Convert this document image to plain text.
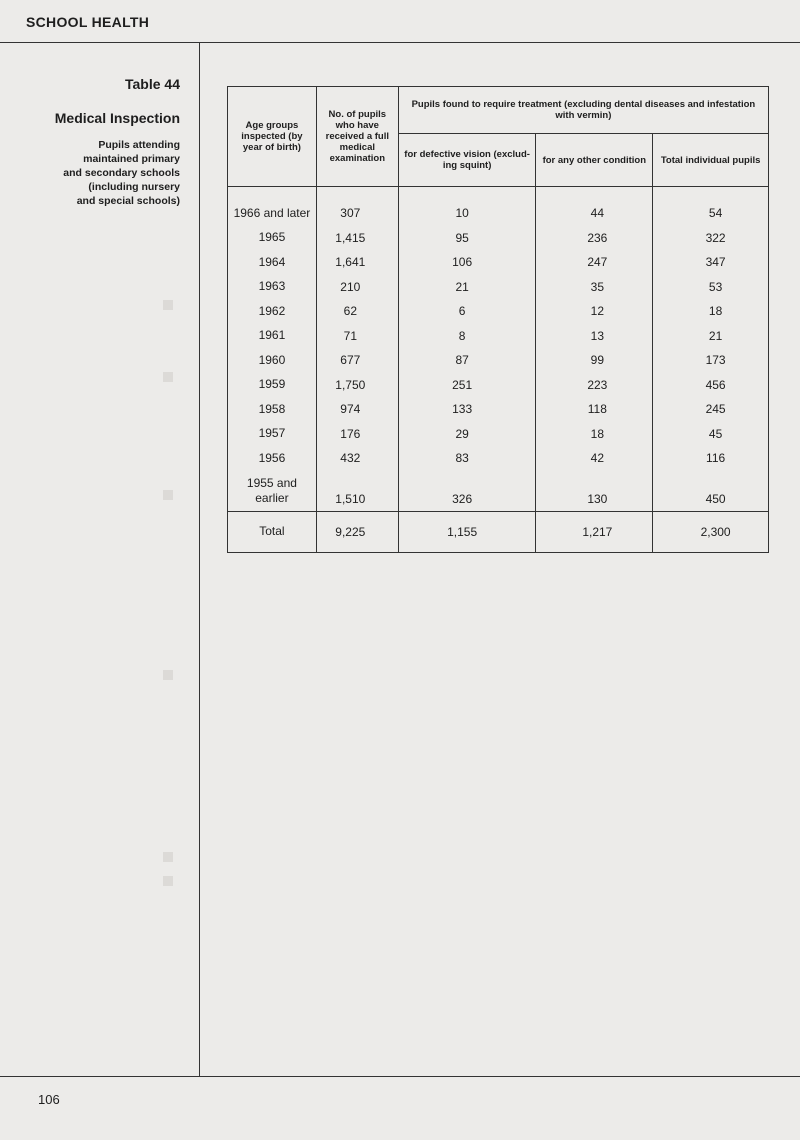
SCHOOL HEALTH
Table 44
Medical Inspection
Pupils attending
maintained primary
and secondary schools
(including nursery
and special schools)
Age groups inspected (by year of birth)	No. of pupils who have received a full medical examination	Pupils found to require treatment (excluding dental diseases and infestation with vermin)		
		for defective vision (exclud- ing squint)	for any other condition	Total individual pupils
1966 and later	307	10	44	54
1965	1,415	95	236	322
1964	1,641	106	247	347
1963	210	21	35	53
1962	62	6	12	18
1961	71	8	13	21
1960	677	87	99	173
1959	1,750	251	223	456
1958	974	133	118	245
1957	176	29	18	45
1956	432	83	42	116
1955 and earlier	1,510	326	130	450
Total	9,225	1,155	1,217	2,300
106
